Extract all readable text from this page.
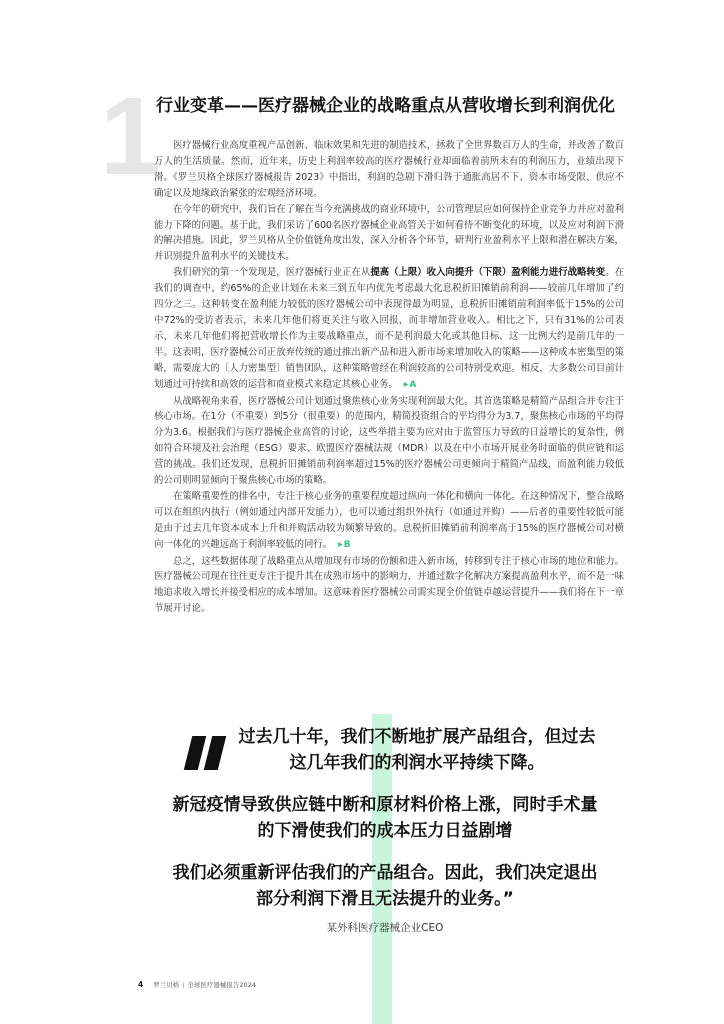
1
行业变革——医疗器械企业的战略重点从营收增长到利润优化

医疗器械行业高度重视产品创新、临床效果和先进的制造技术，拯救了全世界数百万人的生命，并改善了数百万人的生活质量。然而，近年来，历史上利润率较高的医疗器械行业却面临着前所未有的利润压力，业绩出现下滑。《罗兰贝格全球医疗器械报告 2023》中指出，利润的急剧下滑归咎于通胀高居不下、资本市场受限、供应不确定以及地缘政治紧张的宏观经济环境。

在今年的研究中，我们旨在了解在当今充满挑战的商业环境中，公司管理层应如何保持企业竞争力并应对盈利能力下降的问题。基于此，我们采访了600名医疗器械企业高管关于如何看待不断变化的环境，以及应对利润下滑的解决措施。因此，罗兰贝格从全价值链角度出发，深入分析各个环节，研判行业盈利水平上限和潜在解决方案，并识别提升盈利水平的关键技术。

我们研究的第一个发现是，医疗器械行业正在从提高（上限）收入向提升（下限）盈利能力进行战略转变。在我们的调查中，约65%的企业计划在未来三到五年内优先考虑最大化息税折旧摊销前利润——较前几年增加了约四分之三。这种转变在盈利能力较低的医疗器械公司中表现得最为明显，息税折旧摊销前利润率低于15%的公司中72%的受访者表示，未来几年他们将更关注与收入回报，而非增加营业收入。相比之下，只有31%的公司表示，未来几年他们将把营收增长作为主要战略重点，而不是利润最大化或其他目标，这一比例大约是前几年的一半。这表明，医疗器械公司正放弃传统的通过推出新产品和进入新市场来增加收入的策略——这种成本密集型的策略，需要庞大的〔人力密集型〕销售团队，这种策略曾经在利润较高的公司特别受欢迎。相反，大多数公司目前计划通过可持续和高效的运营和商业模式来稳定其核心业务。 ▶ A

从战略视角来看，医疗器械公司计划通过聚焦核心业务实现利润最大化。其首选策略是精简产品组合并专注于核心市场。在1分（不重要）到5分（很重要）的范围内，精简投资组合的平均得分为3.7，聚焦核心市场的平均得分为3.6。根据我们与医疗器械企业高管的讨论，这些举措主要为应对由于监管压力导致的日益增长的复杂性，例如符合环境及社会治理（ESG）要求、欧盟医疗器械法规（MDR）以及在中小市场开展业务时面临的供应链和运营的挑战。我们还发现，息税折旧摊销前利润率超过15%的医疗器械公司更倾向于精简产品线，而盈利能力较低的公司则明显倾向于聚焦核心市场的策略。

在策略重要性的排名中，专注于核心业务的重要程度超过纵向一体化和横向一体化。在这种情况下，整合战略可以在组织内执行（例如通过内部开发能力），也可以通过组织外执行（如通过并购）——后者的重要性较低可能是由于过去几年资本成本上升和并购活动较为频繁导致的。息税折旧摊销前利润率高于15%的医疗器械公司对横向一体化的兴趣远高于利润率较低的同行。 ▶ B

总之，这些数据体现了战略重点从增加现有市场的份额和进入新市场，转移到专注于核心市场的地位和能力。医疗器械公司现在往往更专注于提升其在成熟市场中的影响力，并通过数字化解决方案提高盈利水平，而不是一味地追求收入增长并接受相应的成本增加。这意味着医疗器械公司需实现全价值链卓越运营提升——我们将在下一章节展开讨论。

过去几十年，我们不断地扩展产品组合，但过去这几年我们的利润水平持续下降。

新冠疫情导致供应链中断和原材料价格上涨，同时手术量的下滑使我们的成本压力日益剧增

我们必须重新评估我们的产品组合。因此，我们决定退出部分利润下滑且无法提升的业务。”

某外科医疗器械企业CEO
4 罗兰贝格 | 全球医疗器械报告2024
